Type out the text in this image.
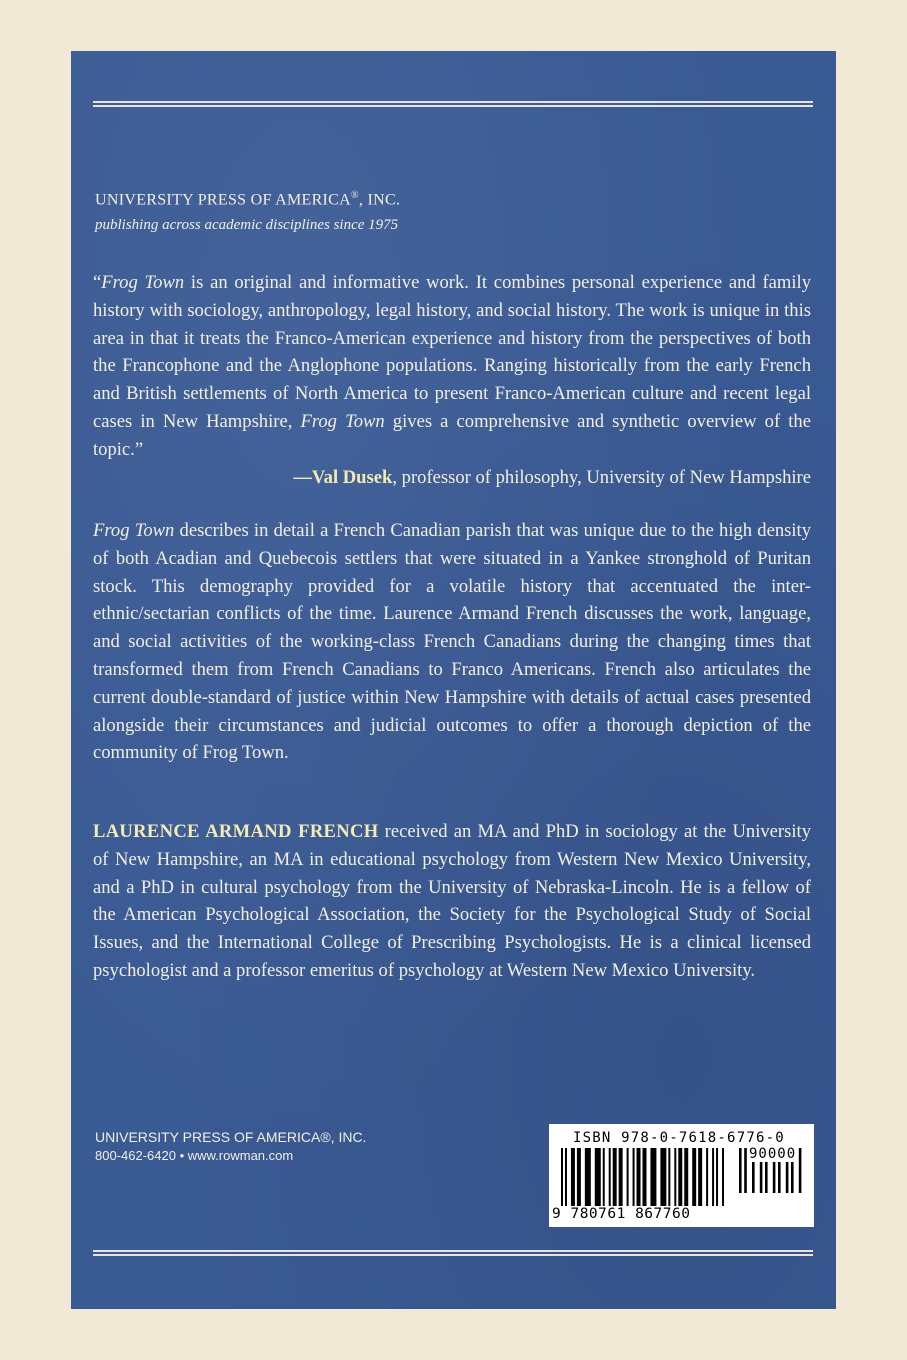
UNIVERSITY PRESS OF AMERICA®, INC.
publishing across academic disciplines since 1975
“Frog Town is an original and informative work. It combines personal experience and family history with sociology, anthropology, legal history, and social history. The work is unique in this area in that it treats the Franco-American experience and history from the perspectives of both the Francophone and the Anglophone populations. Ranging historically from the early French and British settlements of North America to present Franco-American culture and recent legal cases in New Hampshire, Frog Town gives a comprehensive and synthetic overview of the topic.”
—Val Dusek, professor of philosophy, University of New Hampshire
Frog Town describes in detail a French Canadian parish that was unique due to the high density of both Acadian and Quebecois settlers that were situated in a Yankee stronghold of Puritan stock. This demography provided for a volatile history that accentuated the inter-ethnic/sectarian conflicts of the time. Laurence Armand French discusses the work, language, and social activities of the working-class French Canadians during the changing times that transformed them from French Canadians to Franco Americans. French also articulates the current double-standard of justice within New Hampshire with details of actual cases presented alongside their circumstances and judicial outcomes to offer a thorough depiction of the community of Frog Town.
LAURENCE ARMAND FRENCH received an MA and PhD in sociology at the University of New Hampshire, an MA in educational psychology from Western New Mexico University, and a PhD in cultural psychology from the University of Nebraska-Lincoln. He is a fellow of the American Psychological Association, the Society for the Psychological Study of Social Issues, and the International College of Prescribing Psychologists. He is a clinical licensed psychologist and a professor emeritus of psychology at Western New Mexico University.
UNIVERSITY PRESS OF AMERICA®, INC.
800-462-6420 • www.rowman.com
ISBN 978-0-7618-6776-0
90000
9 780761 867760
